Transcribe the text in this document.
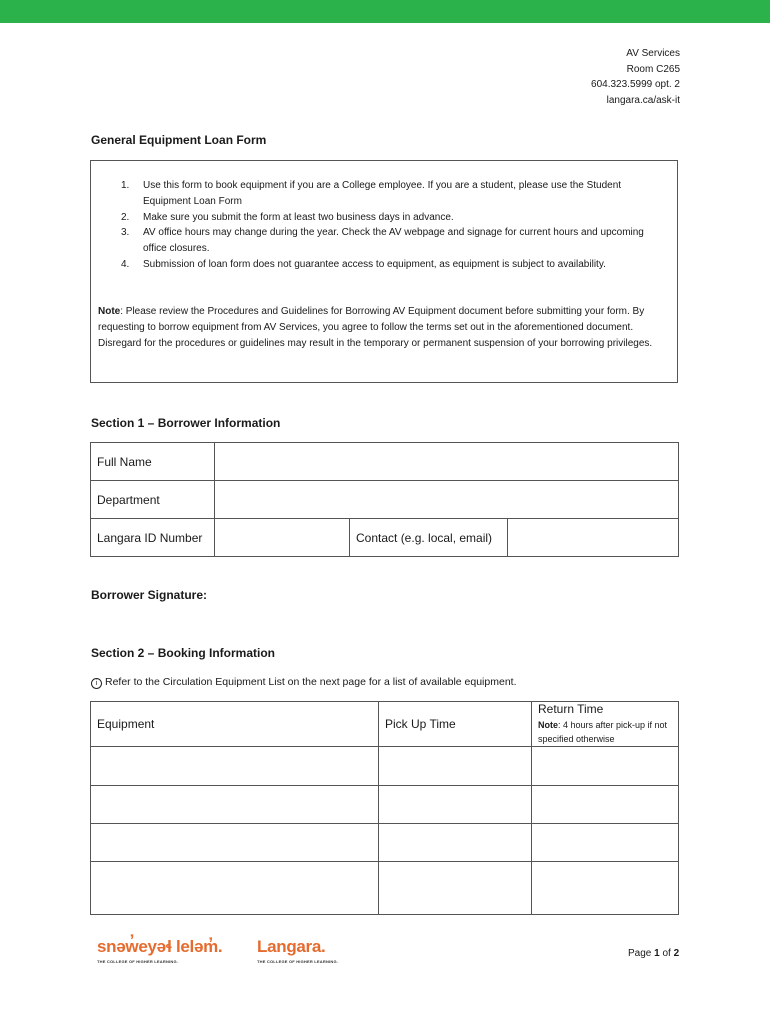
AV Services
Room C265
604.323.5999 opt. 2
langara.ca/ask-it
General Equipment Loan Form
1. Use this form to book equipment if you are a College employee. If you are a student, please use the Student Equipment Loan Form
2. Make sure you submit the form at least two business days in advance.
3. AV office hours may change during the year. Check the AV webpage and signage for current hours and upcoming office closures.
4. Submission of loan form does not guarantee access to equipment, as equipment is subject to availability.
Note: Please review the Procedures and Guidelines for Borrowing AV Equipment document before submitting your form. By requesting to borrow equipment from AV Services, you agree to follow the terms set out in the aforementioned document. Disregard for the procedures or guidelines may result in the temporary or permanent suspension of your borrowing privileges.
Section 1 – Borrower Information
Full Name			
Department			
Langara ID Number		Contact (e.g. local, email)	
Borrower Signature:
Section 2 – Booking Information
i Refer to the Circulation Equipment List on the next page for a list of available equipment.
Equipment	Pick Up Time	Return Time
Note: 4 hours after pick-up if not specified otherwise

snəw̓eyəɬ leləm̓.
THE COLLEGE OF HIGHER LEARNING.
Langara.
THE COLLEGE OF HIGHER LEARNING.
Page 1 of 2
